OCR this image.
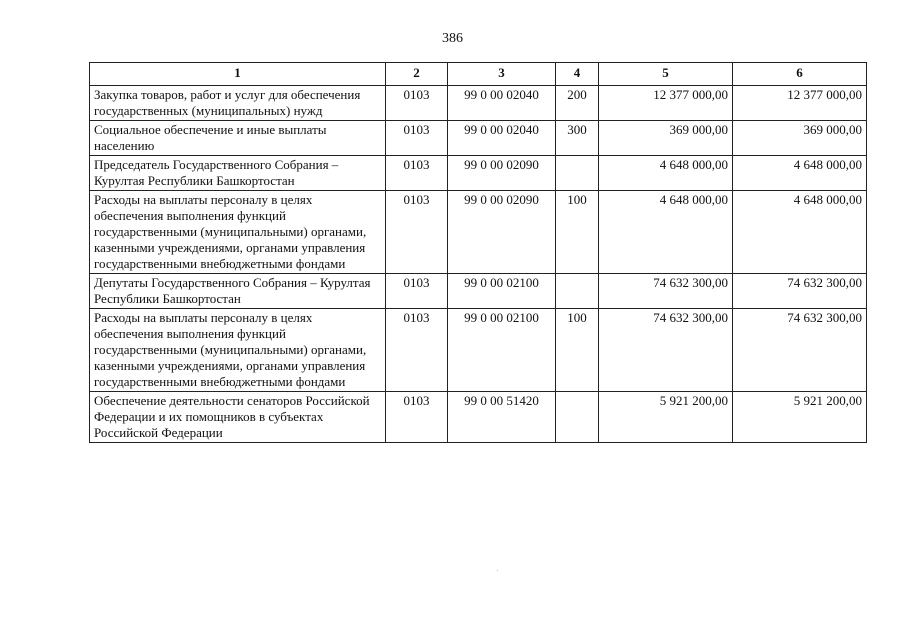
386
1	2	3	4	5	6
Закупка товаров, работ и услуг для обеспечения государственных (муниципальных) нужд	0103	99 0 00 02040	200	12 377 000,00	12 377 000,00
Социальное обеспечение и иные выплаты населению	0103	99 0 00 02040	300	369 000,00	369 000,00
Председатель Государственного Собрания – Курултая Республики Башкортостан	0103	99 0 00 02090		4 648 000,00	4 648 000,00
Расходы на выплаты персоналу в целях обеспечения выполнения функций государственными (муниципальными) органами, казенными учреждениями, органами управления государственными внебюджетными фондами	0103	99 0 00 02090	100	4 648 000,00	4 648 000,00
Депутаты Государственного Собрания – Курултая Республики Башкортостан	0103	99 0 00 02100		74 632 300,00	74 632 300,00
Расходы на выплаты персоналу в целях обеспечения выполнения функций государственными (муниципальными) органами, казенными учреждениями, органами управления государственными внебюджетными фондами	0103	99 0 00 02100	100	74 632 300,00	74 632 300,00
Обеспечение деятельности сенаторов Российской Федерации и их помощников в субъектах Российской Федерации	0103	99 0 00 51420		5 921 200,00	5 921 200,00
